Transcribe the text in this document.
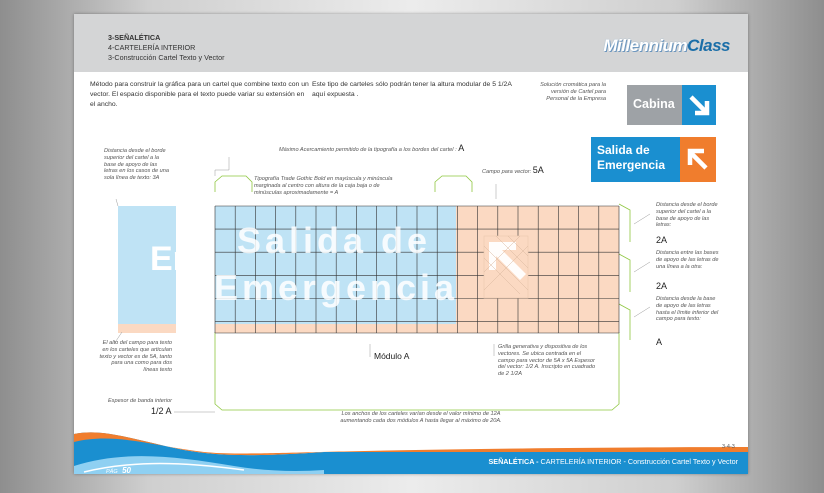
3-SEÑALÉTICA
4-CARTELERÍA INTERIOR
3-Construcción Cartel Texto y Vector
MillenniumClass
Método para construir la gráfica para un cartel que combine texto con un vector. El espacio disponible para el texto puede variar su extensión en el ancho.
Este tipo de carteles sólo podrán tener la altura modular de 5 1/2A aquí expuesta .
Solución cromática para la versión de Cartel para Personal de la Empresa Cabina
Salida de
Emergencia
Ent Salida de
Emergencia
Máximo Acercamiento permitido de la tipografía a los bordes del cartel : A
Tipografía Trade Gothic Bold en mayúscula y minúscula marginada al centro con altura de la caja baja o de minúsculas aproximadamente = A
Campo para vector: 5A
Distancia desde el borde superior del cartel a la base de apoyo de las letras en los casos de una sola línea de texto: 3A
El alto del campo para texto en los carteles que articulan texto y vector es de 5A, tanto para una como para dos líneas texto
Espesor de banda interior
1/2 A
Módulo A
Grilla generativa y dispositiva de los vectores. Se ubica centrada en el campo para vector de 5A x 5A Espesor del vector: 1/2 A. Inscripto en cuadrado de 2 1/2A
Los anchos de los carteles varían desde el valor mínimo de 12A
aumentando cada dos módulos A hasta llegar al máximo de 20A.
Distancia desde el borde superior del cartel a la base de apoyo de las letras:
2A
Distancia entre las bases de apoyo de las letras de una línea a la otra:
2A
Distancia desde la base de apoyo de las letras hasta el límite inferior del campo para texto:
A
3-4-3
PÁG 50
SEÑALÉTICA - CARTELERÍA INTERIOR - Construcción Cartel Texto y Vector
